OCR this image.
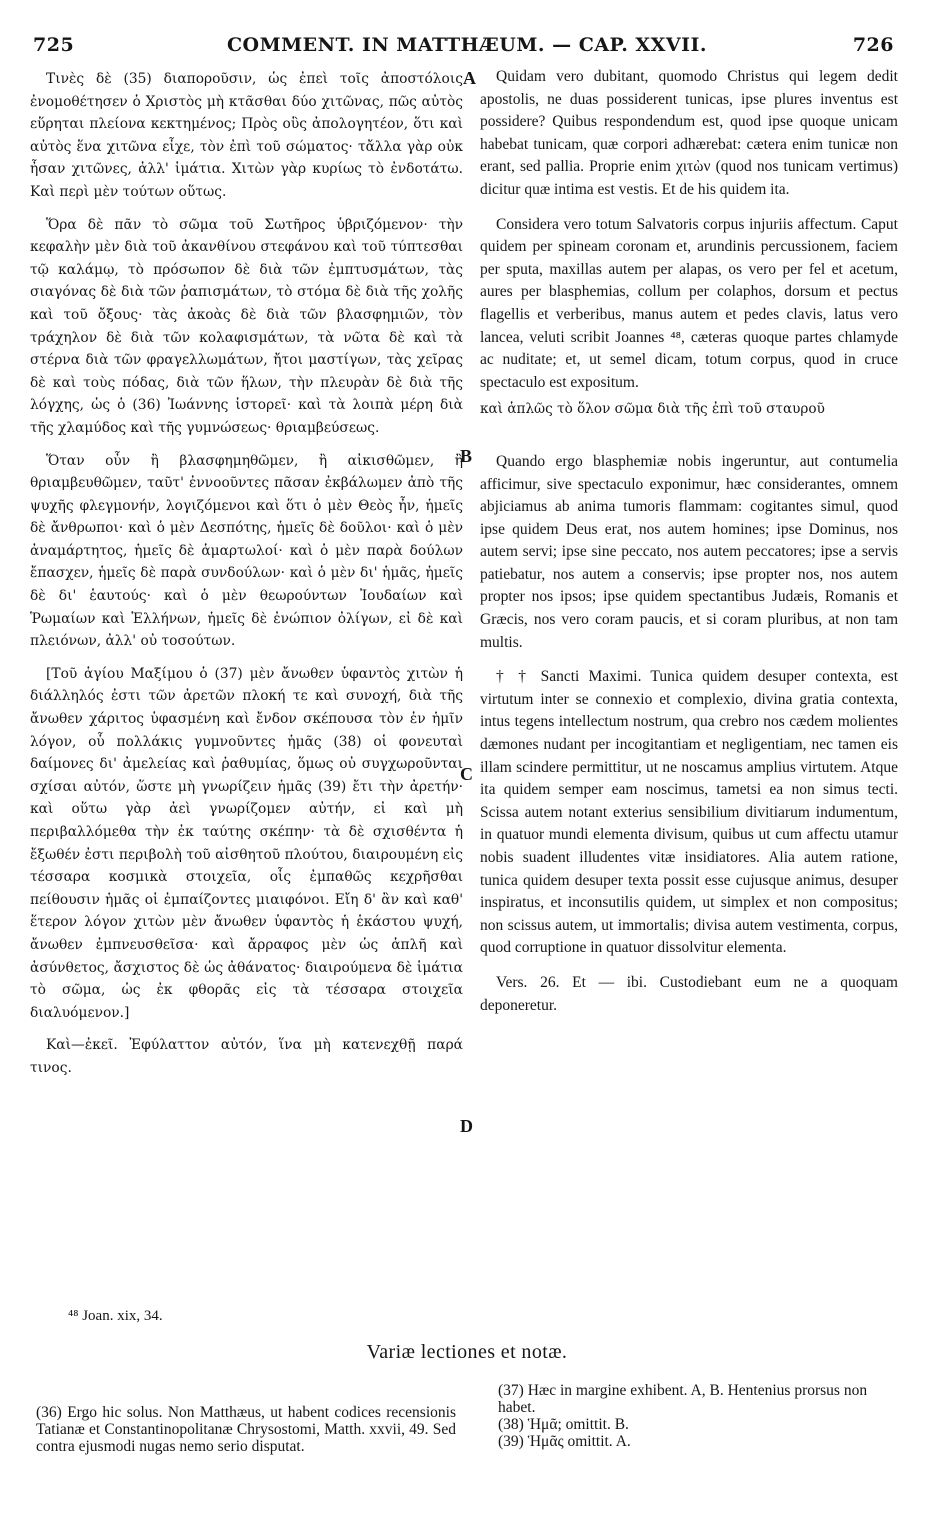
725	COMMENT. IN MATTHÆUM. — CAP. XXVII.	726

Τινὲς δὲ (35) διαποροῦσιν, ὡς ἐπεὶ τοῖς ἀποστόλοις ἐνομοθέτησεν ὁ Χριστὸς μὴ κτᾶσθαι δύο χιτῶνας, πῶς αὐτὸς εὕρηται πλείονα κεκτημένος; Πρὸς οὓς ἀπολογητέον, ὅτι καὶ αὐτὸς ἕνα χιτῶνα εἶχε, τὸν ἐπὶ τοῦ σώματος· τἄλλα γὰρ οὐκ ἦσαν χιτῶνες, ἀλλ' ἱμάτια. Χιτὼν γὰρ κυρίως τὸ ἐνδοτάτω. Καὶ περὶ μὲν τούτων οὕτως.

Ὅρα δὲ πᾶν τὸ σῶμα τοῦ Σωτῆρος ὑβριζόμενον· τὴν κεφαλὴν μὲν διὰ τοῦ ἀκανθίνου στεφάνου καὶ τοῦ τύπτεσθαι τῷ καλάμῳ, τὸ πρόσωπον δὲ διὰ τῶν ἐμπτυσμάτων, τὰς σιαγόνας δὲ διὰ τῶν ῥαπισμάτων, τὸ στόμα δὲ διὰ τῆς χολῆς καὶ τοῦ ὄξους· τὰς ἀκοὰς δὲ διὰ τῶν βλασφημιῶν, τὸν τράχηλον δὲ διὰ τῶν κολαφισμάτων, τὰ νῶτα δὲ καὶ τὰ στέρνα διὰ τῶν φραγελλωμάτων, ἤτοι μαστίγων, τὰς χεῖρας δὲ καὶ τοὺς πόδας, διὰ τῶν ἥλων, τὴν πλευρὰν δὲ διὰ τῆς λόγχης, ὡς ὁ (36) Ἰωάννης ἱστορεῖ· καὶ τὰ λοιπὰ μέρη διὰ τῆς χλαμύδος καὶ τῆς γυμνώσεως· θριαμβεύσεως.

Ὅταν οὖν ἢ βλασφημηθῶμεν, ἢ αἰκισθῶμεν, ἢ θριαμβευθῶμεν, ταῦτ' ἐννοοῦντες πᾶσαν ἐκβάλωμεν ἀπὸ τῆς ψυχῆς φλεγμονήν, λογιζόμενοι καὶ ὅτι ὁ μὲν Θεὸς ἦν, ἡμεῖς δὲ ἄνθρωποι· καὶ ὁ μὲν Δεσπότης, ἡμεῖς δὲ δοῦλοι· καὶ ὁ μὲν ἀναμάρτητος, ἡμεῖς δὲ ἁμαρτωλοί· καὶ ὁ μὲν παρὰ δούλων ἔπασχεν, ἡμεῖς δὲ παρὰ συνδούλων· καὶ ὁ μὲν δι' ἡμᾶς, ἡμεῖς δὲ δι' ἑαυτούς· καὶ ὁ μὲν θεωρούντων Ἰουδαίων καὶ Ῥωμαίων καὶ Ἑλλήνων, ἡμεῖς δὲ ἐνώπιον ὀλίγων, εἰ δὲ καὶ πλειόνων, ἀλλ' οὐ τοσούτων.

[Τοῦ ἁγίου Μαξίμου ὁ (37) μὲν ἄνωθεν ὑφαντὸς χιτὼν ἡ διάλληλός ἐστι τῶν ἀρετῶν πλοκή τε καὶ συνοχή, διὰ τῆς ἄνωθεν χάριτος ὑφασμένη καὶ ἔνδον σκέπουσα τὸν ἐν ἡμῖν λόγον, οὗ πολλάκις γυμνοῦντες ἡμᾶς (38) οἱ φονευταὶ δαίμονες δι' ἀμελείας καὶ ῥαθυμίας, ὅμως οὐ συγχωροῦνται σχίσαι αὐτόν, ὥστε μὴ γνωρίζειν ἡμᾶς (39) ἔτι τὴν ἀρετήν· καὶ οὕτω γὰρ ἀεὶ γνωρίζομεν αὐτήν, εἰ καὶ μὴ περιβαλλόμεθα τὴν ἐκ ταύτης σκέπην· τὰ δὲ σχισθέντα ἡ ἔξωθέν ἐστι περιβολὴ τοῦ αἰσθητοῦ πλούτου, διαιρουμένη εἰς τέσσαρα κοσμικὰ στοιχεῖα, οἷς ἐμπαθῶς κεχρῆσθαι πείθουσιν ἡμᾶς οἱ ἐμπαίζοντες μιαιφόνοι. Εἴη δ' ἂν καὶ καθ' ἕτερον λόγον χιτὼν μὲν ἄνωθεν ὑφαντὸς ἡ ἑκάστου ψυχή, ἄνωθεν ἐμπνευσθεῖσα· καὶ ἄρραφος μὲν ὡς ἁπλῆ καὶ ἀσύνθετος, ἄσχιστος δὲ ὡς ἀθάνατος· διαιρούμενα δὲ ἱμάτια τὸ σῶμα, ὡς ἐκ φθορᾶς εἰς τὰ τέσσαρα στοιχεῖα διαλυόμενον.]

Καὶ—ἐκεῖ. Ἐφύλαττον αὐτόν, ἵνα μὴ κατενεχθῇ παρά τινος.

A
B
C
D

Quidam vero dubitant, quomodo Christus qui legem dedit apostolis, ne duas possiderent tunicas, ipse plures inventus est possidere? Quibus respondendum est, quod ipse quoque unicam habebat tunicam, quæ corpori adhærebat: cætera enim tunicæ non erant, sed pallia. Proprie enim χιτὼν (quod nos tunicam vertimus) dicitur quæ intima est vestis. Et de his quidem ita.

Considera vero totum Salvatoris corpus injuriis affectum. Caput quidem per spineam coronam et, arundinis percussionem, faciem per sputa, maxillas autem per alapas, os vero per fel et acetum, aures per blasphemias, collum per colaphos, dorsum et pectus flagellis et verberibus, manus autem et pedes clavis, latus vero lancea, veluti scribit Joannes ⁴⁸, cæteras quoque partes chlamyde ac nuditate; et, ut semel dicam, totum corpus, quod in cruce spectaculo est expositum.

καὶ ἁπλῶς τὸ ὅλον σῶμα διὰ τῆς ἐπὶ τοῦ σταυροῦ

Quando ergo blasphemiæ nobis ingeruntur, aut contumelia afficimur, sive spectaculo exponimur, hæc considerantes, omnem abjiciamus ab anima tumoris flammam: cogitantes simul, quod ipse quidem Deus erat, nos autem homines; ipse Dominus, nos autem servi; ipse sine peccato, nos autem peccatores; ipse a servis patiebatur, nos autem a conservis; ipse propter nos, nos autem propter nos ipsos; ipse quidem spectantibus Judæis, Romanis et Græcis, nos vero coram paucis, et si coram pluribus, at non tam multis.

† † Sancti Maximi. Tunica quidem desuper contexta, est virtutum inter se connexio et complexio, divina gratia contexta, intus tegens intellectum nostrum, qua crebro nos cædem molientes dæmones nudant per incogitantiam et negligentiam, nec tamen eis illam scindere permittitur, ut ne noscamus amplius virtutem. Atque ita quidem semper eam noscimus, tametsi ea non simus tecti. Scissa autem notant exterius sensibilium divitiarum indumentum, in quatuor mundi elementa divisum, quibus ut cum affectu utamur nobis suadent illudentes vitæ insidiatores. Alia autem ratione, tunica quidem desuper texta possit esse cujusque animus, desuper inspiratus, et inconsutilis quidem, ut simplex et non compositus; non scissus autem, ut immortalis; divisa autem vestimenta, corpus, quod corruptione in quatuor dissolvitur elementa.

Vers. 26. Et — ibi. Custodiebant eum ne a quoquam deponeretur.

⁴⁸ Joan. xix, 34.
Variæ lectiones et notæ.

(36) Ergo hic solus. Non Matthæus, ut habent codices recensionis Tatianæ et Constantinopolitanæ Chrysostomi, Matth. xxvii, 49. Sed contra ejusmodi nugas nemo serio disputat.

(37) Hæc in margine exhibent. A, B. Hentenius prorsus non habet.

(38) Ἡμᾶ; omittit. B.

(39) Ἡμᾶς omittit. A.
